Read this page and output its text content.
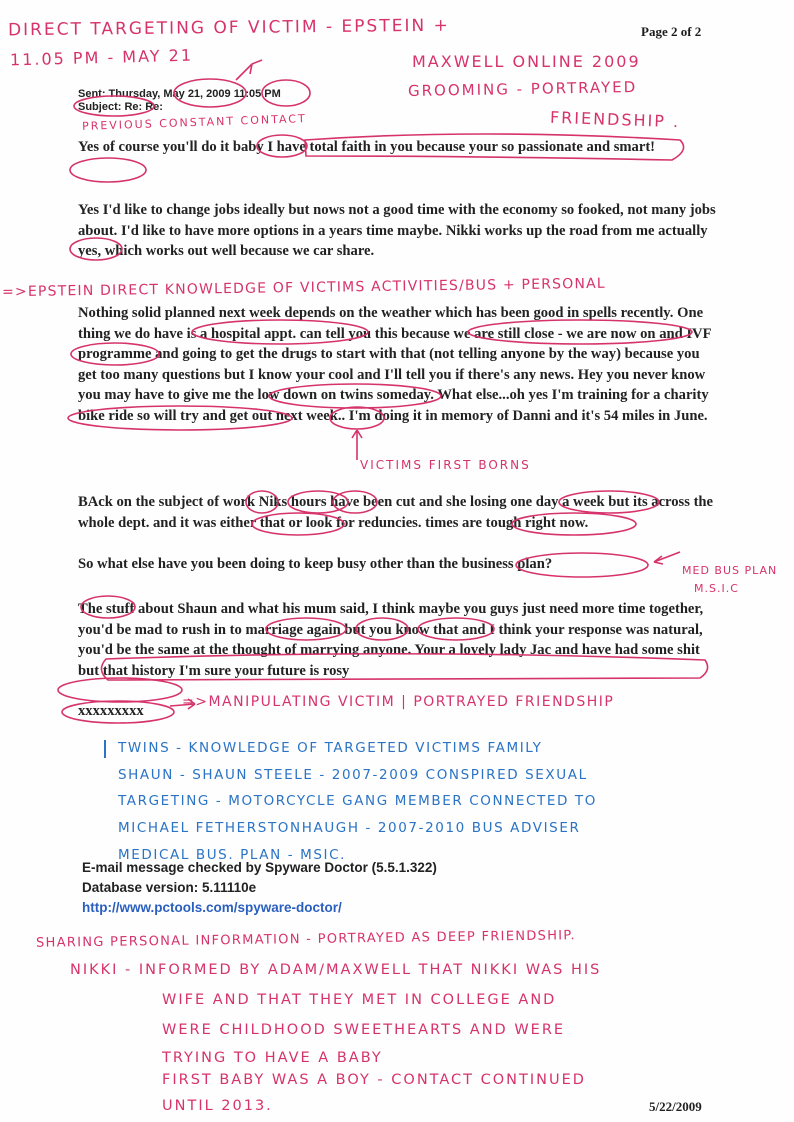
DIRECT TARGETING OF VICTIM - EPSTEIN +
11.05 PM - MAY 21	MAXWELL ONLINE 2009
GROOMING - PORTRAYED
FRIENDSHIP .
Page 2 of 2
Sent: Thursday, May 21, 2009 11:05 PM
Subject: Re: Re:
PREVIOUS CONSTANT CONTACT
Yes of course you'll do it baby I have total faith in you because your so passionate and smart!
Yes I'd like to change jobs ideally but nows not a good time with the economy so fooked, not many jobs about. I'd like to have more options in a years time maybe. Nikki works up the road from me actually yes, which works out well because we car share.
=>EPSTEIN DIRECT KNOWLEDGE OF VICTIMS ACTIVITIES/BUS + PERSONAL
Nothing solid planned next week depends on the weather which has been good in spells recently. One thing we do have is a hospital appt. can tell you this because we are still close - we are now on and IVF programme and going to get the drugs to start with that (not telling anyone by the way) because you get too many questions but I know your cool and I'll tell you if there's any news. Hey you never know you may have to give me the low down on twins someday. What else...oh yes I'm training for a charity bike ride so will try and get out next week.. I'm doing it in memory of Danni and it's 54 miles in June.
VICTIMS FIRST BORNS
BAck on the subject of work Niks hours have been cut and she losing one day a week but its across the whole dept. and it was either that or look for reduncies. times are tough right now.
So what else have you been doing to keep busy other than the business plan?	MED BUS PLAN
M.S.I.C
The stuff about Shaun and what his mum said, I think maybe you guys just need more time together, you'd be mad to rush in to marriage again but you know that and I think your response was natural, you'd be the same at the thought of marrying anyone. Your a lovely lady Jac and have had some shit but that history I'm sure your future is rosy
xxxxxxxxx
=>MANIPULATING VICTIM | PORTRAYED FRIENDSHIP
TWINS - KNOWLEDGE OF TARGETED VICTIMS FAMILY
SHAUN - SHAUN STEELE - 2007-2009 CONSPIRED SEXUAL
TARGETING - MOTORCYCLE GANG MEMBER CONNECTED TO
MICHAEL FETHERSTONHAUGH - 2007-2010 BUS ADVISER
MEDICAL BUS. PLAN - MSIC.
E-mail message checked by Spyware Doctor (5.5.1.322)
Database version: 5.11110e
http://www.pctools.com/spyware-doctor/
SHARING PERSONAL INFORMATION - PORTRAYED AS DEEP FRIENDSHIP.
NIKKI - INFORMED BY ADAM/MAXWELL THAT NIKKI WAS HIS
WIFE AND THAT THEY MET IN COLLEGE AND
WERE CHILDHOOD SWEETHEARTS AND WERE
TRYING TO HAVE A BABY
FIRST BABY WAS A BOY - CONTACT CONTINUED
UNTIL 2013.	5/22/2009
